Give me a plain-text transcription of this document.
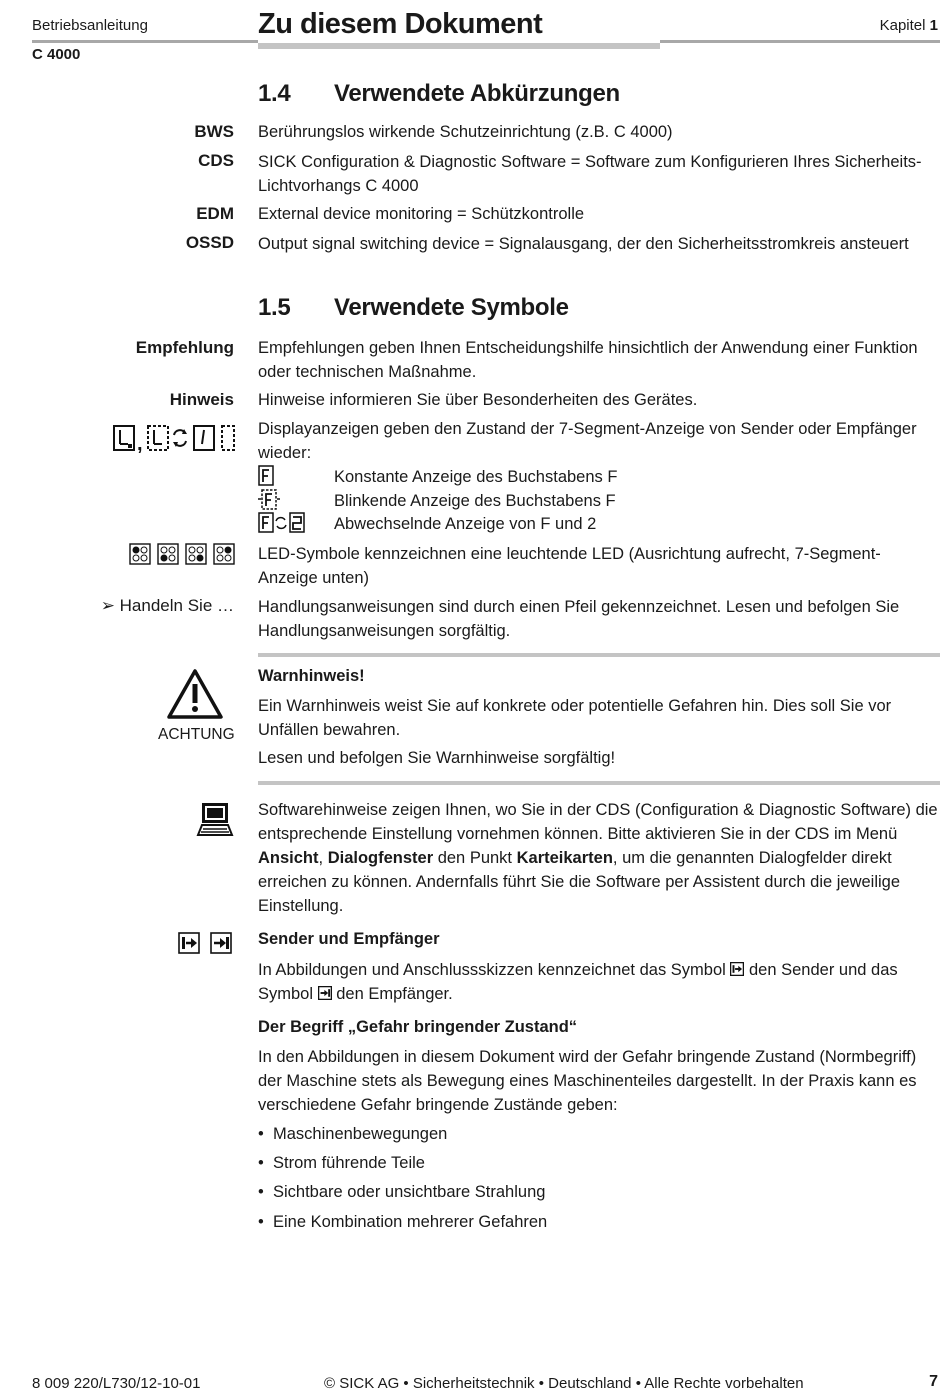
Betriebsanleitung
C 4000
Zu diesem Dokument	Kapitel 1
1.4 Verwendete Abkürzungen
BWS Berührungslos wirkende Schutzeinrichtung (z.B. C 4000)
CDS SICK Configuration & Diagnostic Software = Software zum Konfigurieren Ihres Sicherheits-Lichtvorhangs C 4000
EDM External device monitoring = Schützkontrolle
OSSD Output signal switching device = Signalausgang, der den Sicherheitsstromkreis ansteuert
1.5 Verwendete Symbole
Empfehlung Empfehlungen geben Ihnen Entscheidungshilfe hinsichtlich der Anwendung einer Funktion oder technischen Maßnahme.
Hinweis Hinweise informieren Sie über Besonderheiten des Gerätes.
,
Displayanzeigen geben den Zustand der 7-Segment-Anzeige von Sender oder Empfänger wieder:
Konstante Anzeige des Buchstabens F
Blinkende Anzeige des Buchstabens F
Abwechselnde Anzeige von F und 2
LED-Symbole kennzeichnen eine leuchtende LED (Ausrichtung aufrecht, 7-Segment-Anzeige unten)
➢ Handeln Sie … Handlungsanweisungen sind durch einen Pfeil gekennzeichnet. Lesen und befolgen Sie Handlungsanweisungen sorgfältig.
ACHTUNG
Warnhinweis!
Ein Warnhinweis weist Sie auf konkrete oder potentielle Gefahren hin. Dies soll Sie vor Unfällen bewahren.
Lesen und befolgen Sie Warnhinweise sorgfältig!
Softwarehinweise zeigen Ihnen, wo Sie in der CDS (Configuration & Diagnostic Software) die entsprechende Einstellung vornehmen können. Bitte aktivieren Sie in der CDS im Menü Ansicht, Dialogfenster den Punkt Karteikarten, um die genannten Dialogfelder direkt erreichen zu können. Andernfalls führt Sie die Software per Assistent durch die jeweilige Einstellung.
Sender und Empfänger
In Abbildungen und Anschlussskizzen kennzeichnet das Symbol den Sender und das
Symbol den Empfänger.
Der Begriff „Gefahr bringender Zustand“
In den Abbildungen in diesem Dokument wird der Gefahr bringende Zustand (Normbegriff) der Maschine stets als Bewegung eines Maschinenteiles dargestellt. In der Praxis kann es verschiedene Gefahr bringende Zustände geben:
• Maschinenbewegungen
• Strom führende Teile
• Sichtbare oder unsichtbare Strahlung
• Eine Kombination mehrerer Gefahren
8 009 220/L730/12-10-01	© SICK AG • Sicherheitstechnik • Deutschland • Alle Rechte vorbehalten	7
